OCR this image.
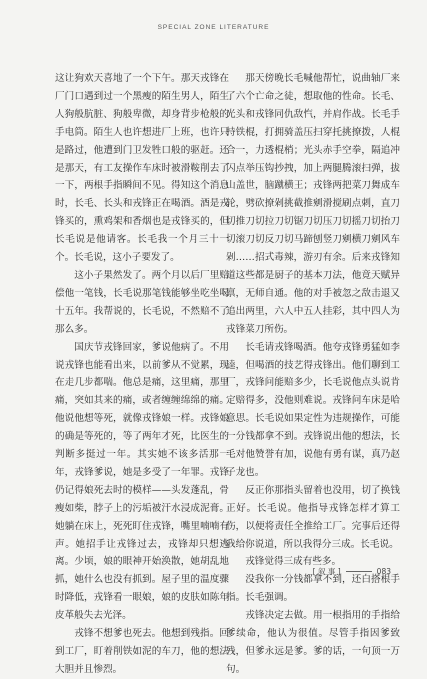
SPECIAL ZONE LITERATURE

这让狗欢天喜地了一个下午。那天戎锋在厂门口遇到过一个黑瘦的陌生男人，陌生人狗般肮脏、狗般卑微，却身背步枪般的手电筒。陌生人也许想进厂上班，也许只是路过，他遭到门卫发牲口般的驱赶。还是那天，有工友操作车床时被滑鞍削去了一下，两根手指瞬间不见。得知这个消息时，长毛、长头和戎锋正在喝酒。酒是戎锋买的，熏鸡架和香烟也是戎锋买的，但长毛说是他请客。长毛我一个月三十一个。长毛说，这小子要发了。

这小子果然发了。两个月以后厂里赔偿他一笔钱，长毛说那笔钱能够坐吃坐喝十五年。我帮说的，长毛说，不然赔不了那么多。

国庆节戎锋回家，爹说他病了。不用说戎锋也能看出来，以前爹从不觉累，现在走几步都喘。他总是痛，这里痛，那里痛，突如其来的痛，或者缠缠绵绵的痛。他说他想等死，就像戎锋娘一样。戎锋娘的确是等死的，等了两年才死，比医生的判断多挺过一年。其实她不该多活那一年，戎锋爹说，她是多受了一年罪。戎锋仍记得娘死去时的模样——头发蓬乱，骨瘦如柴，脖子上的污垢被汗水浸成泥膏。她躺在床上，死死盯住戎锋，嘴里喃喃有声。她招手让戎锋过去，戎锋却只想逃离。少顷，娘的眼神开始涣散，她胡乱地抓，她什么也没有抓到。屋子里的温度骤时降低，戎锋看一眼娘，娘的皮肤如陈年皮革般失去光泽。

戎锋不想爹也死去。他想到残指。回到工厂，盯着削铁如泥的车刀，他的想法大胆并且惨烈。

那天傍晚长毛喊他帮忙，说曲轴厂来了六个亡命之徒，想取他的性命。长毛、光头和戎锋同仇敌忾，并肩作战。长毛手持铁棍，打拥骑盖压扫穿托挑撩拨，人棍合一，力透棍梢；光头赤手空拳，隔追冲闪点举压钩抄拽，加上两腿腾滚扫弹，拔山盖世，脑蹴横王；戎锋两把菜刀舞成车轮，劈砍撩剁挑截推剜滑搅刷点刺，直刀切推刀切拉刀切锯刀切压刀切摇刀切抬刀切滚刀切反刀切马蹄刨竖刀剜横刀剜风车剁……招式毒辣，游刃有余。后来戎锋知道这些都是厨子的基本刀法，他竟天赋异禀，无师自通。他的对手被忽之敌击退又追出两里，六人中五人挂彩，其中四人为戎锋菜刀所伤。

长毛请戎锋喝酒。他夸戎锋勇猛如李逵，但喝酒的技艺得戎锋出。他们聊到工厂，戎锋问能赔多少，长毛说他点头说肯定赔得多，没他则难说。戎锋问车床是哈意思。长毛说如果定性为违规操作，可能一分钱都拿不到。戎锋说出他的想法，长毛对他赞誉有加，说他有勇有谋，真乃赵子龙也。

反正你那指头留着也没用，切了换钱正好。长毛说。他指导戎锋怎样才算工伤，以便将责任全推给工厂。完事后还得我给你说道，所以我得分三成。长毛说。

戎锋觉得三成有些多。

没我你一分钱都拿不到，还白搭根手指。长毛强调。

戎锋决定去做。用一根指用的手指给爹续命，他认为很值。尽管手指因爹致残，但爹永远是爹。爹的话，一句顶一万句。

[ 叙 事 ]	083
